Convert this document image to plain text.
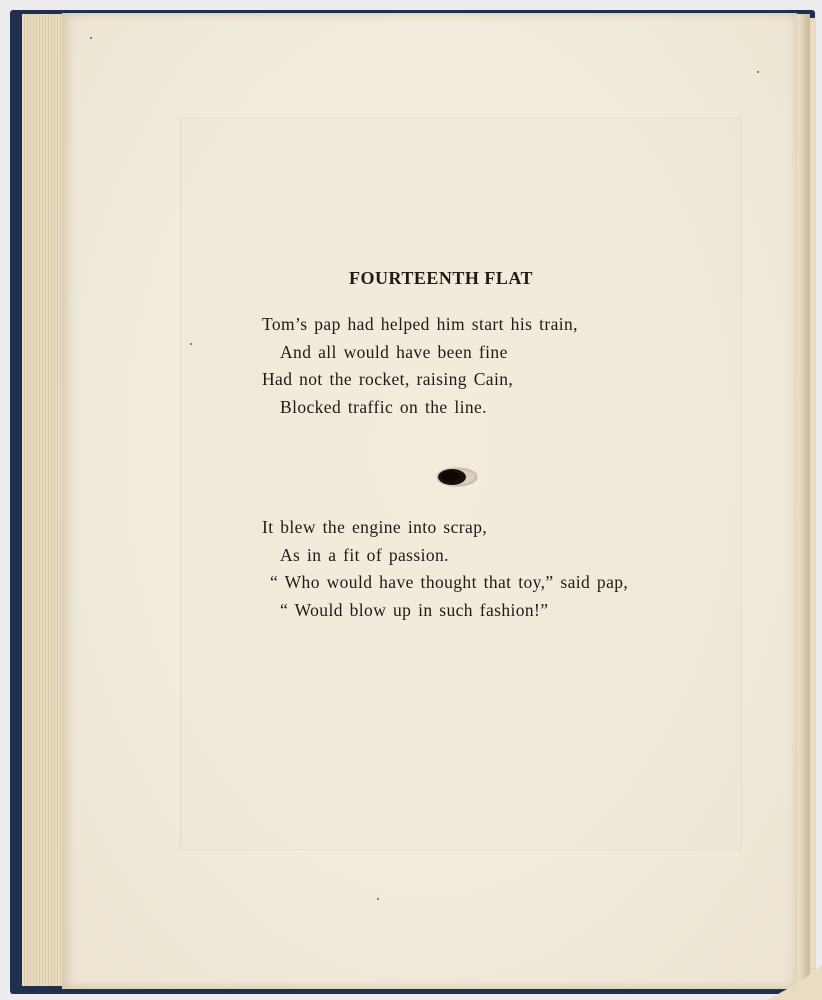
FOURTEENTH FLAT
Tom’s pap had helped him start his train,
And all would have been fine
Had not the rocket, raising Cain,
Blocked traffic on the line.
It blew the engine into scrap,
As in a fit of passion.
“ Who would have thought that toy,” said pap,
“ Would blow up in such fashion!”
